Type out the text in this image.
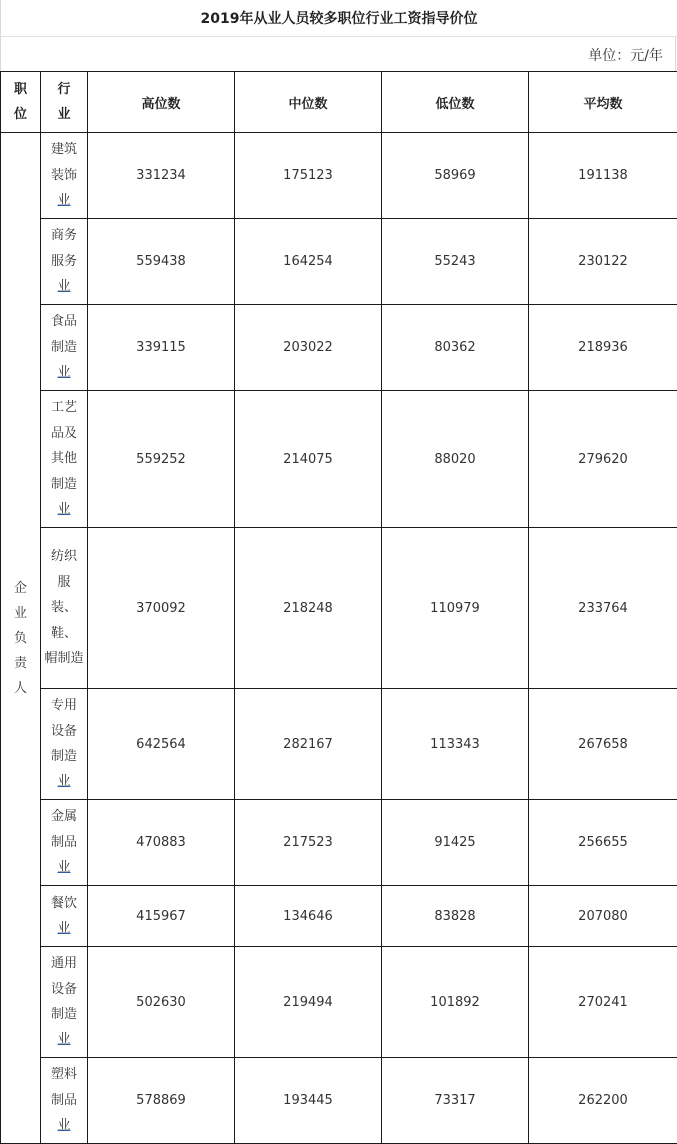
2019年从业人员较多职位行业工资指导价位
单位：元/年
职
位	行
业	高位数	中位数	低位数	平均数
企
业
负
责
人	建筑
装饰
业	331234	175123	58969	191138
	商务
服务
业	559438	164254	55243	230122
	食品
制造
业	339115	203022	80362	218936
	工艺
品及
其他
制造
业	559252	214075	88020	279620
	纺织
服
装、
鞋、
帽制造	370092	218248	110979	233764
	专用
设备
制造
业	642564	282167	113343	267658
	金属
制品
业	470883	217523	91425	256655
	餐饮
业	415967	134646	83828	207080
	通用
设备
制造
业	502630	219494	101892	270241
	塑料
制品
业	578869	193445	73317	262200
